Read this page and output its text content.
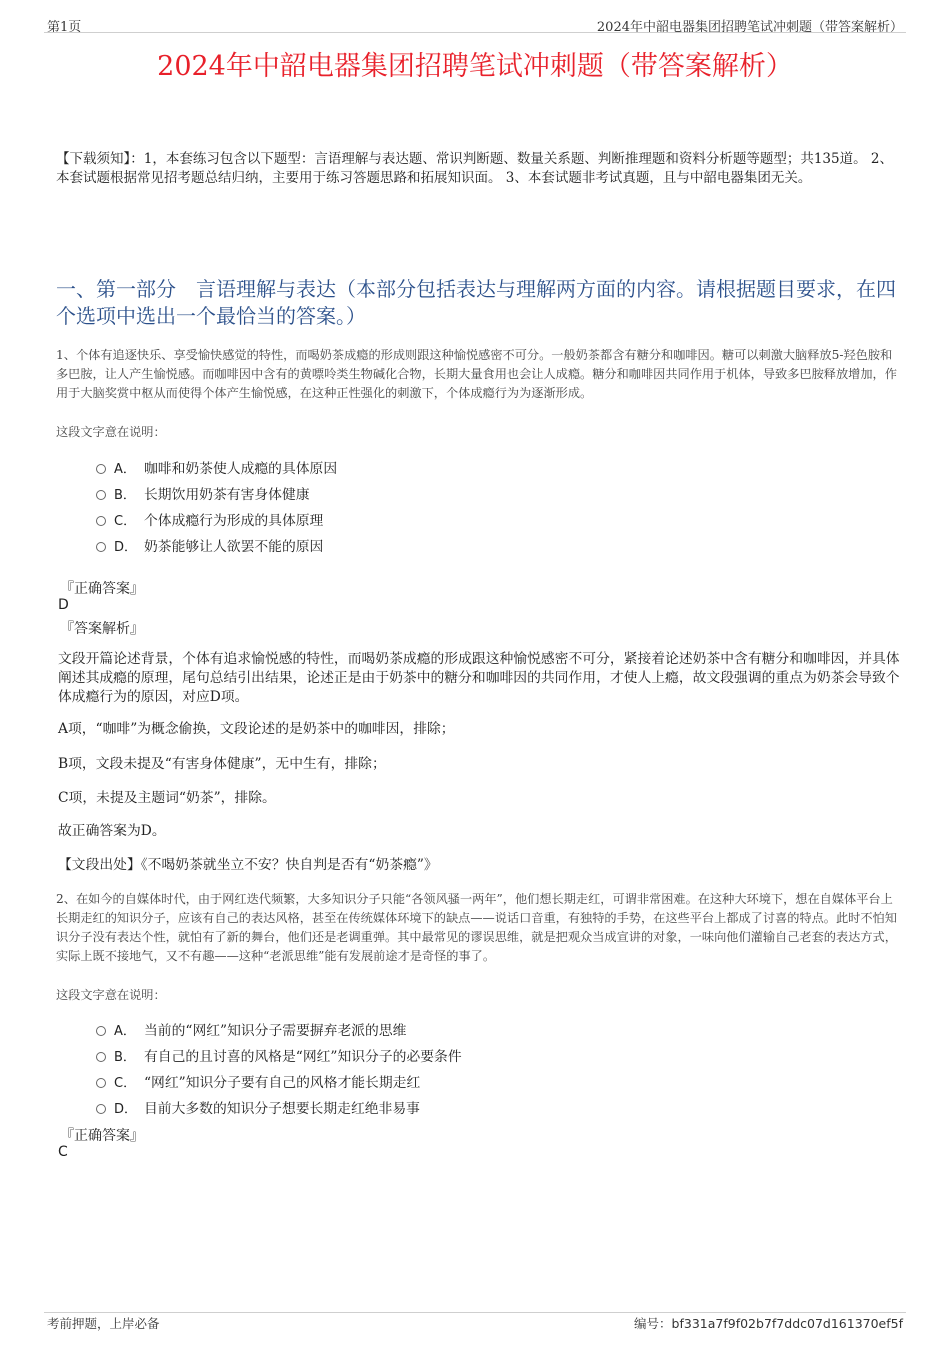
第1页	2024年中韶电器集团招聘笔试冲刺题（带答案解析）
2024年中韶电器集团招聘笔试冲刺题（带答案解析）
【下载须知】：1，本套练习包含以下题型：言语理解与表达题、常识判断题、数量关系题、判断推理题和资料分析题等题型；共135道。 2、本套试题根据常见招考题总结归纳，主要用于练习答题思路和拓展知识面。 3、本套试题非考试真题，且与中韶电器集团无关。
一、第一部分　言语理解与表达（本部分包括表达与理解两方面的内容。请根据题目要求，在四个选项中选出一个最恰当的答案。）
1、个体有追逐快乐、享受愉快感觉的特性，而喝奶茶成瘾的形成则跟这种愉悦感密不可分。一般奶茶都含有糖分和咖啡因。糖可以刺激大脑释放5-羟色胺和多巴胺，让人产生愉悦感。而咖啡因中含有的黄嘌呤类生物碱化合物，长期大量食用也会让人成瘾。糖分和咖啡因共同作用于机体，导致多巴胺释放增加，作用于大脑奖赏中枢从而使得个体产生愉悦感，在这种正性强化的刺激下，个体成瘾行为为逐渐形成。
这段文字意在说明：
A． 咖啡和奶茶使人成瘾的具体原因
B． 长期饮用奶茶有害身体健康
C． 个体成瘾行为形成的具体原理
D． 奶茶能够让人欲罢不能的原因
『正确答案』
D
『答案解析』
文段开篇论述背景，个体有追求愉悦感的特性，而喝奶茶成瘾的形成跟这种愉悦感密不可分，紧接着论述奶茶中含有糖分和咖啡因，并具体阐述其成瘾的原理，尾句总结引出结果，论述正是由于奶茶中的糖分和咖啡因的共同作用，才使人上瘾，故文段强调的重点为奶茶会导致个体成瘾行为的原因，对应D项。
A项，“咖啡”为概念偷换，文段论述的是奶茶中的咖啡因，排除；
B项，文段未提及“有害身体健康”，无中生有，排除；
C项，未提及主题词“奶茶”，排除。
故正确答案为D。
【文段出处】《不喝奶茶就坐立不安？快自判是否有“奶茶瘾”》
2、在如今的自媒体时代，由于网红迭代频繁，大多知识分子只能“各领风骚一两年”，他们想长期走红，可谓非常困难。在这种大环境下，想在自媒体平台上长期走红的知识分子，应该有自己的表达风格，甚至在传统媒体环境下的缺点——说话口音重，有独特的手势，在这些平台上都成了讨喜的特点。此时不怕知识分子没有表达个性，就怕有了新的舞台，他们还是老调重弹。其中最常见的谬误思维，就是把观众当成宣讲的对象，一味向他们灌输自己老套的表达方式，实际上既不接地气，又不有趣——这种“老派思维”能有发展前途才是奇怪的事了。
这段文字意在说明：
A． 当前的“网红”知识分子需要摒弃老派的思维
B． 有自己的且讨喜的风格是“网红”知识分子的必要条件
C． “网红”知识分子要有自己的风格才能长期走红
D． 目前大多数的知识分子想要长期走红绝非易事
『正确答案』
C
考前押题，上岸必备	编号：bf331a7f9f02b7f7ddc07d161370ef5f
